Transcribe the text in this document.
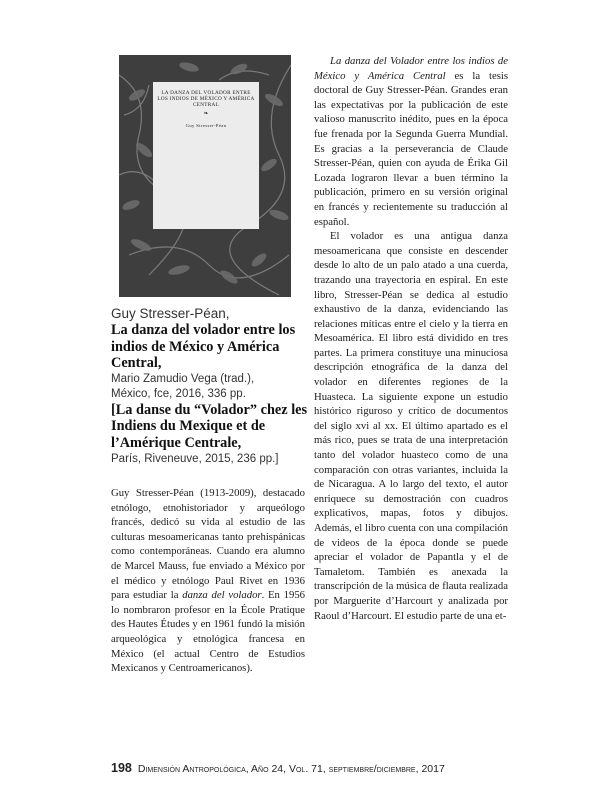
LA DANZA DEL VOLADOR ENTRE LOS INDIOS DE MÉXICO Y AMÉRICA CENTRAL
❧
Guy Stresser-Péan
Guy Stresser-Péan,
La danza del volador entre los indios de México y América Central,
Mario Zamudio Vega (trad.),
México, fce, 2016, 336 pp.
[La danse du “Volador” chez les Indiens du Mexique et de l’Amérique Centrale,
París, Riveneuve, 2015, 236 pp.]

Guy Stresser-Péan (1913-2009), destacado etnólogo, etnohistoriador y arqueólogo francés, dedicó su vida al estudio de las culturas mesoamericanas tanto prehispánicas como contemporáneas. Cuando era alumno de Marcel Mauss, fue enviado a México por el médico y etnólogo Paul Rivet en 1936 para estudiar la danza del volador. En 1956 lo nombraron profesor en la École Pratique des Hautes Études y en 1961 fundó la misión arqueológica y etnológica francesa en México (el actual Centro de Estudios Mexicanos y Centroamericanos).

La danza del Volador entre los indios de México y América Central es la tesis doctoral de Guy Stresser-Péan. Grandes eran las expectativas por la publicación de este valioso manuscrito inédito, pues en la época fue frenada por la Segunda Guerra Mundial. Es gracias a la perseverancia de Claude Stresser-Péan, quien con ayuda de Érika Gil Lozada lograron llevar a buen término la publicación, primero en su versión original en francés y recientemente su traducción al español.

El volador es una antigua danza mesoamericana que consiste en descender desde lo alto de un palo atado a una cuerda, trazando una trayectoria en espiral. En este libro, Stresser-Péan se dedica al estudio exhaustivo de la danza, evidenciando las relaciones míticas entre el cielo y la tierra en Mesoamérica. El libro está dividido en tres partes. La primera constituye una minuciosa descripción etnográfica de la danza del volador en diferentes regiones de la Huasteca. La siguiente expone un estudio histórico riguroso y crítico de documentos del siglo xvi al xx. El último apartado es el más rico, pues se trata de una interpretación tanto del volador huasteco como de una comparación con otras variantes, incluida la de Nicaragua. A lo largo del texto, el autor enriquece su demostración con cuadros explicativos, mapas, fotos y dibujos. Además, el libro cuenta con una compilación de videos de la época donde se puede apreciar el volador de Papantla y el de Tamaletom. También es anexada la transcripción de la música de flauta realizada por Marguerite d’Harcourt y analizada por Raoul d’Harcourt. El estudio parte de una et-

198 Dimensión Antropológica, Año 24, Vol. 71, septiembre/diciembre, 2017
